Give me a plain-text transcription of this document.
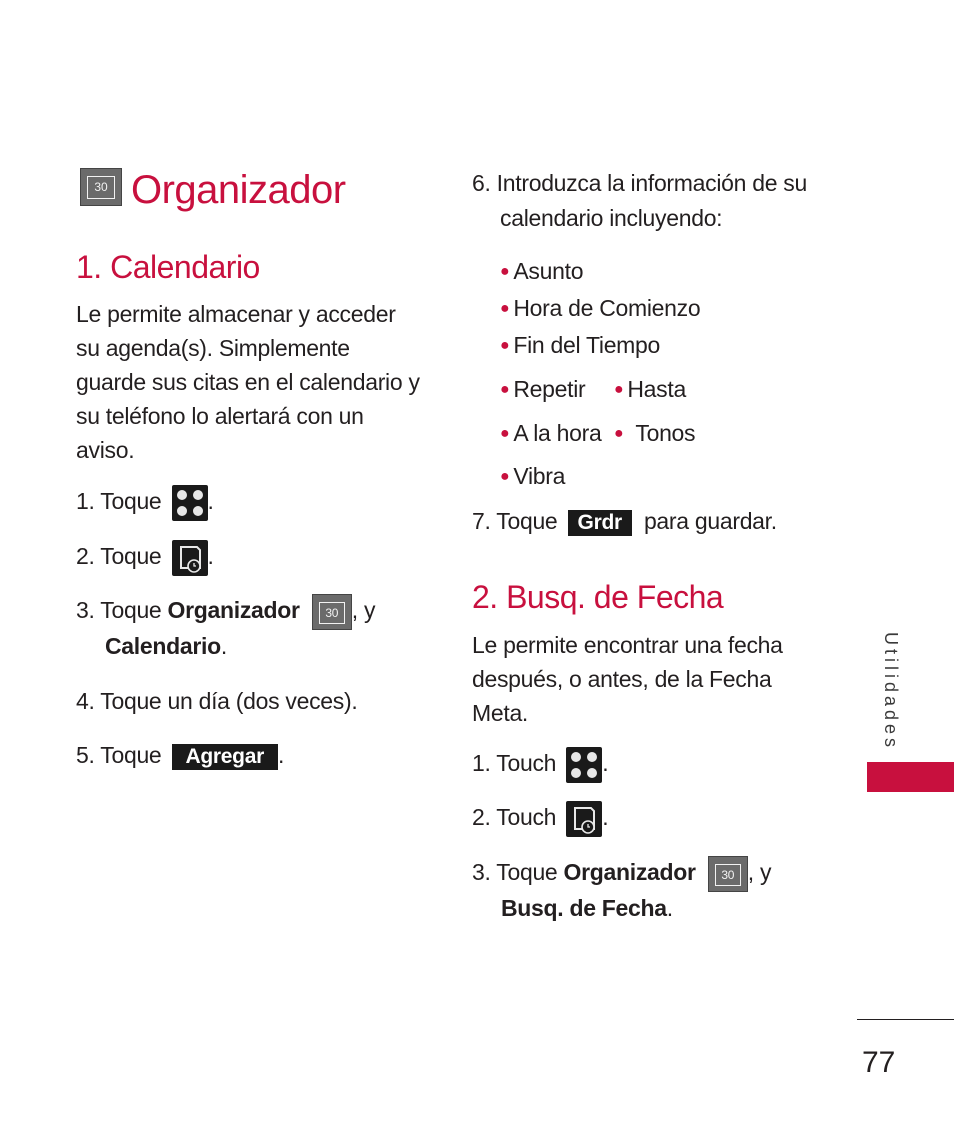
30 Organizador
1. Calendario
Le permite almacenar y acceder su agenda(s). Simplemente guarde sus citas en el calendario y su teléfono lo alertará con un aviso.
1. Toque .
2. Toque .
3. Toque Organizador	30 , y
Calendario.
4. Toque un día (dos veces).
5. Toque Agregar .
6. Introduzca la información de su
calendario incluyendo:
● Asunto
● Hora de Comienzo
● Fin del Tiempo
● Repetir ● Hasta
● A la hora ● Tonos
● Vibra
7. Toque Grdr para guardar.
2. Busq. de Fecha
Le permite encontrar una fecha después, o antes, de la Fecha Meta.
1. Touch .
2. Touch .
3. Toque Organizador	30 , y
Busq. de Fecha.
Utilidades
77
